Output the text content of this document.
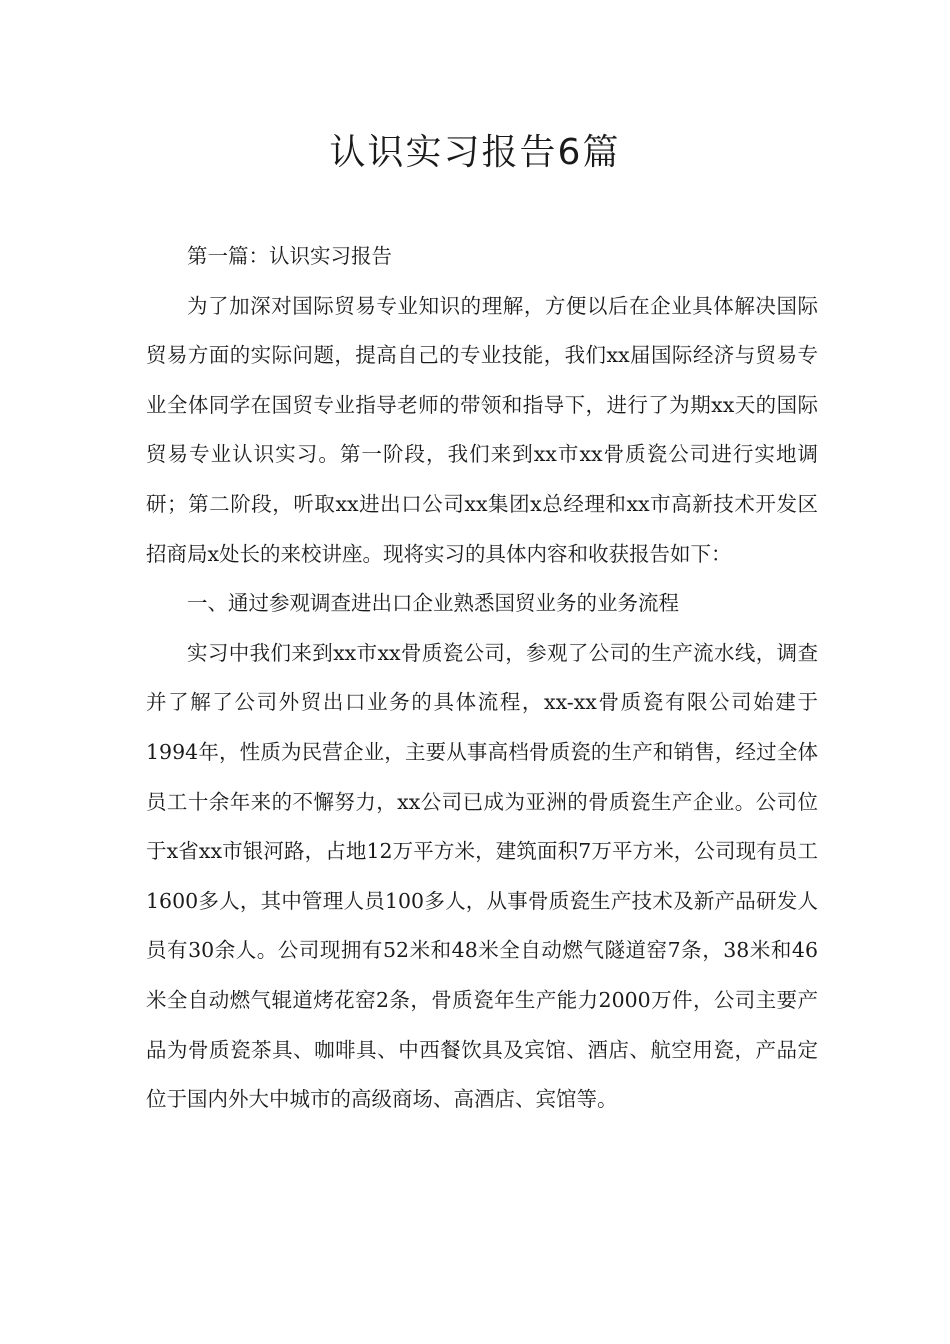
认识实习报告6篇

第一篇：认识实习报告

为了加深对国际贸易专业知识的理解，方便以后在企业具体解决国际贸易方面的实际问题，提高自己的专业技能，我们xx届国际经济与贸易专业全体同学在国贸专业指导老师的带领和指导下，进行了为期xx天的国际贸易专业认识实习。第一阶段，我们来到xx市xx骨质瓷公司进行实地调研；第二阶段，听取xx进出口公司xx集团x总经理和xx市高新技术开发区招商局x处长的来校讲座。现将实习的具体内容和收获报告如下：

一、通过参观调查进出口企业熟悉国贸业务的业务流程

实习中我们来到xx市xx骨质瓷公司，参观了公司的生产流水线，调查并了解了公司外贸出口业务的具体流程，xx-xx骨质瓷有限公司始建于1994年，性质为民营企业，主要从事高档骨质瓷的生产和销售，经过全体员工十余年来的不懈努力，xx公司已成为亚洲的骨质瓷生产企业。公司位于x省xx市银河路，占地12万平方米，建筑面积7万平方米，公司现有员工1600多人，其中管理人员100多人，从事骨质瓷生产技术及新产品研发人员有30余人。公司现拥有52米和48米全自动燃气隧道窑7条，38米和46米全自动燃气辊道烤花窑2条，骨质瓷年生产能力2000万件，公司主要产品为骨质瓷茶具、咖啡具、中西餐饮具及宾馆、酒店、航空用瓷，产品定位于国内外大中城市的高级商场、高酒店、宾馆等。
